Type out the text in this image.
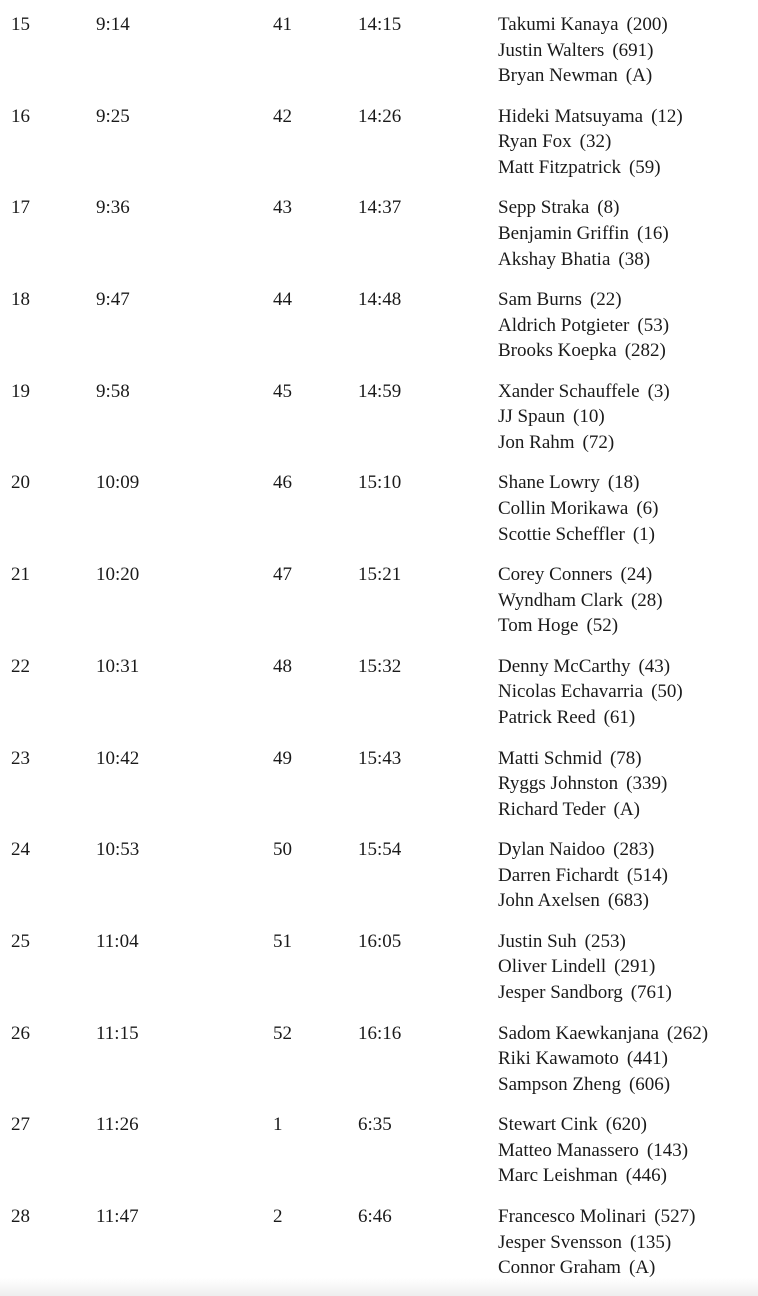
15	9:14	41	14:15	Takumi Kanaya (200)
Justin Walters (691)
Bryan Newman (A)
16	9:25	42	14:26	Hideki Matsuyama (12)
Ryan Fox (32)
Matt Fitzpatrick (59)
17	9:36	43	14:37	Sepp Straka (8)
Benjamin Griffin (16)
Akshay Bhatia (38)
18	9:47	44	14:48	Sam Burns (22)
Aldrich Potgieter (53)
Brooks Koepka (282)
19	9:58	45	14:59	Xander Schauffele (3)
JJ Spaun (10)
Jon Rahm (72)
20	10:09	46	15:10	Shane Lowry (18)
Collin Morikawa (6)
Scottie Scheffler (1)
21	10:20	47	15:21	Corey Conners (24)
Wyndham Clark (28)
Tom Hoge (52)
22	10:31	48	15:32	Denny McCarthy (43)
Nicolas Echavarria (50)
Patrick Reed (61)
23	10:42	49	15:43	Matti Schmid (78)
Ryggs Johnston (339)
Richard Teder (A)
24	10:53	50	15:54	Dylan Naidoo (283)
Darren Fichardt (514)
John Axelsen (683)
25	11:04	51	16:05	Justin Suh (253)
Oliver Lindell (291)
Jesper Sandborg (761)
26	11:15	52	16:16	Sadom Kaewkanjana (262)
Riki Kawamoto (441)
Sampson Zheng (606)
27	11:26	1	6:35	Stewart Cink (620)
Matteo Manassero (143)
Marc Leishman (446)
28	11:47	2	6:46	Francesco Molinari (527)
Jesper Svensson (135)
Connor Graham (A)
